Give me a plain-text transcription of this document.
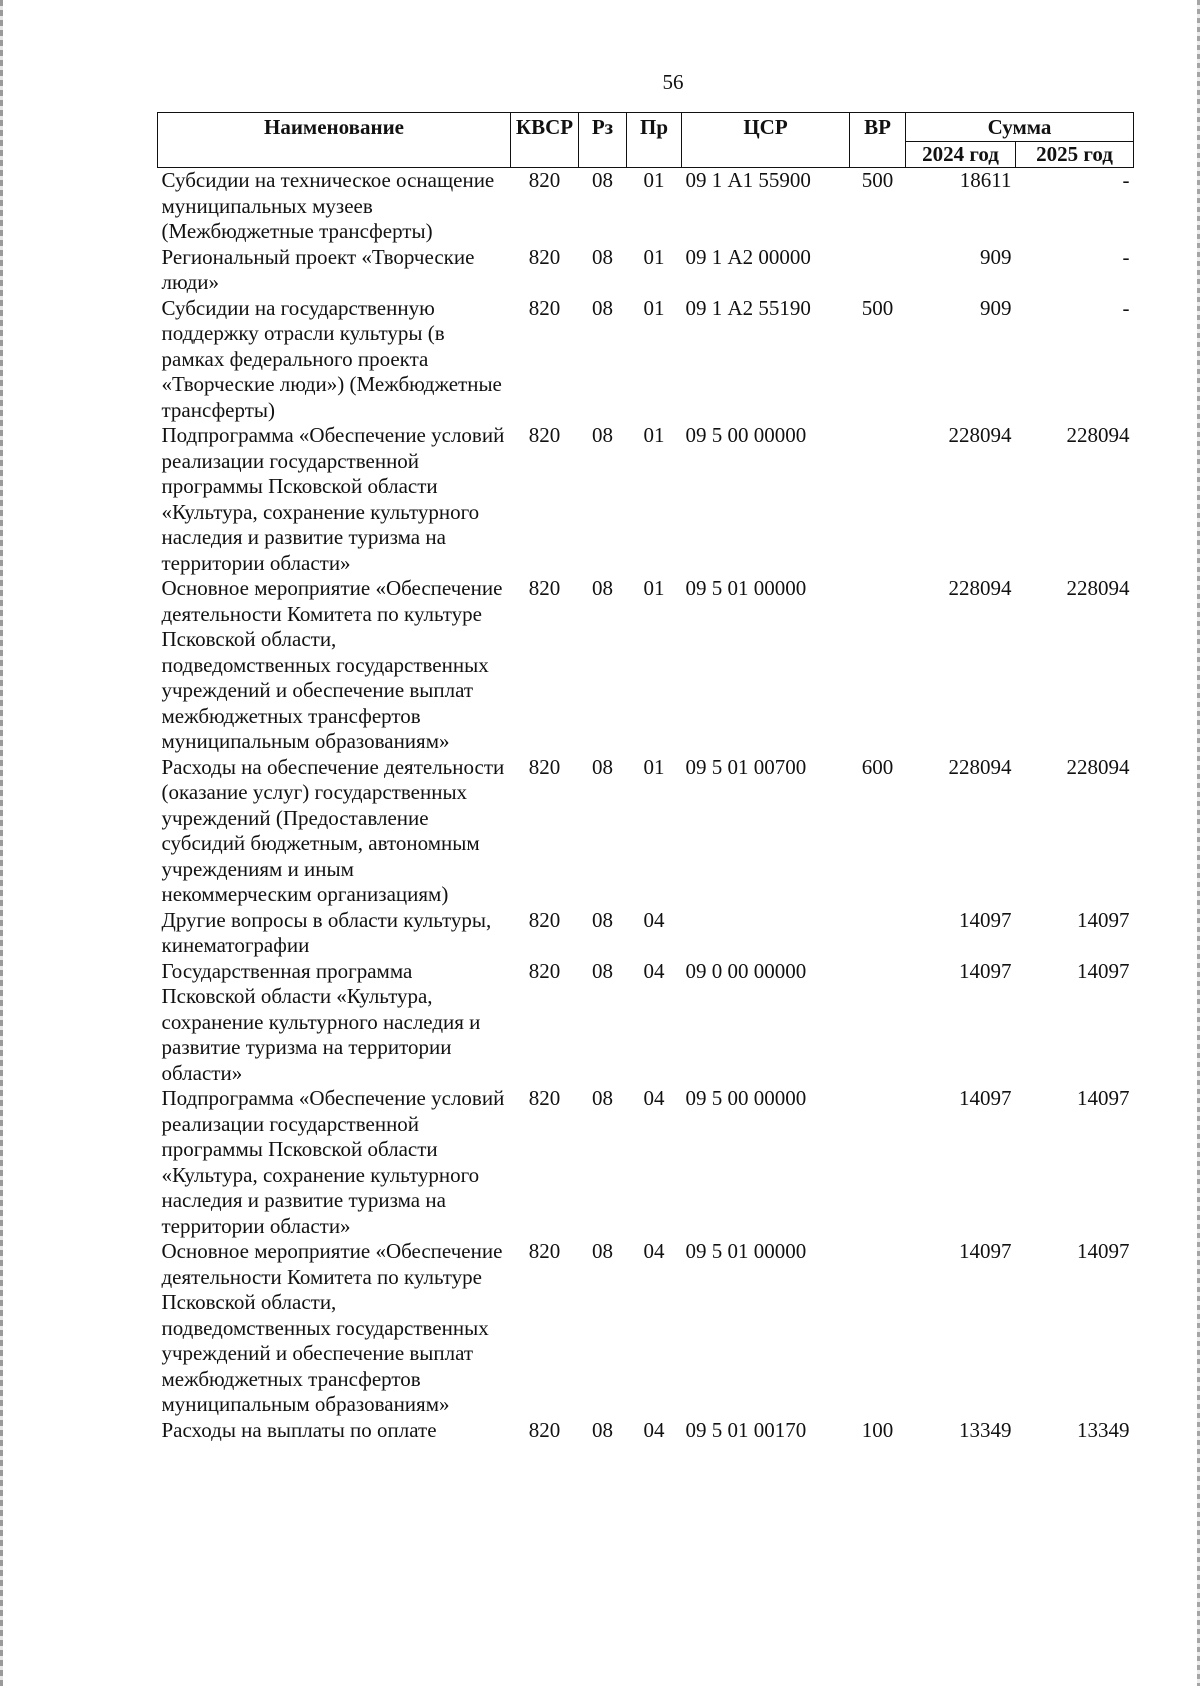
56
Наименование	КВСР	Рз	Пр	ЦСР	ВР	Сумма	
						2024 год	2025 год
Субсидии на техническое оснащение муниципальных музеев (Межбюджетные трансферты)	820	08	01	09 1 А1 55900	500	18611	-
Региональный проект «Творческие люди»	820	08	01	09 1 А2 00000		909	-
Субсидии на государственную поддержку отрасли культуры (в рамках федерального проекта «Творческие люди») (Межбюджетные трансферты)	820	08	01	09 1 А2 55190	500	909	-
Подпрограмма «Обеспечение условий реализации государственной программы Псковской области «Культура, сохранение культурного наследия и развитие туризма на территории области»	820	08	01	09 5 00 00000		228094	228094
Основное мероприятие «Обеспечение деятельности Комитета по культуре Псковской области, подведомственных государственных учреждений и обеспечение выплат межбюджетных трансфертов муниципальным образованиям»	820	08	01	09 5 01 00000		228094	228094
Расходы на обеспечение деятельности (оказание услуг) государственных учреждений (Предоставление субсидий бюджетным, автономным учреждениям и иным некоммерческим организациям)	820	08	01	09 5 01 00700	600	228094	228094
Другие вопросы в области культуры, кинематографии	820	08	04			14097	14097
Государственная программа Псковской области «Культура, сохранение культурного наследия и развитие туризма на территории области»	820	08	04	09 0 00 00000		14097	14097
Подпрограмма «Обеспечение условий реализации государственной программы Псковской области «Культура, сохранение культурного наследия и развитие туризма на территории области»	820	08	04	09 5 00 00000		14097	14097
Основное мероприятие «Обеспечение деятельности Комитета по культуре Псковской области, подведомственных государственных учреждений и обеспечение выплат межбюджетных трансфертов муниципальным образованиям»	820	08	04	09 5 01 00000		14097	14097
Расходы на выплаты по оплате	820	08	04	09 5 01 00170	100	13349	13349
